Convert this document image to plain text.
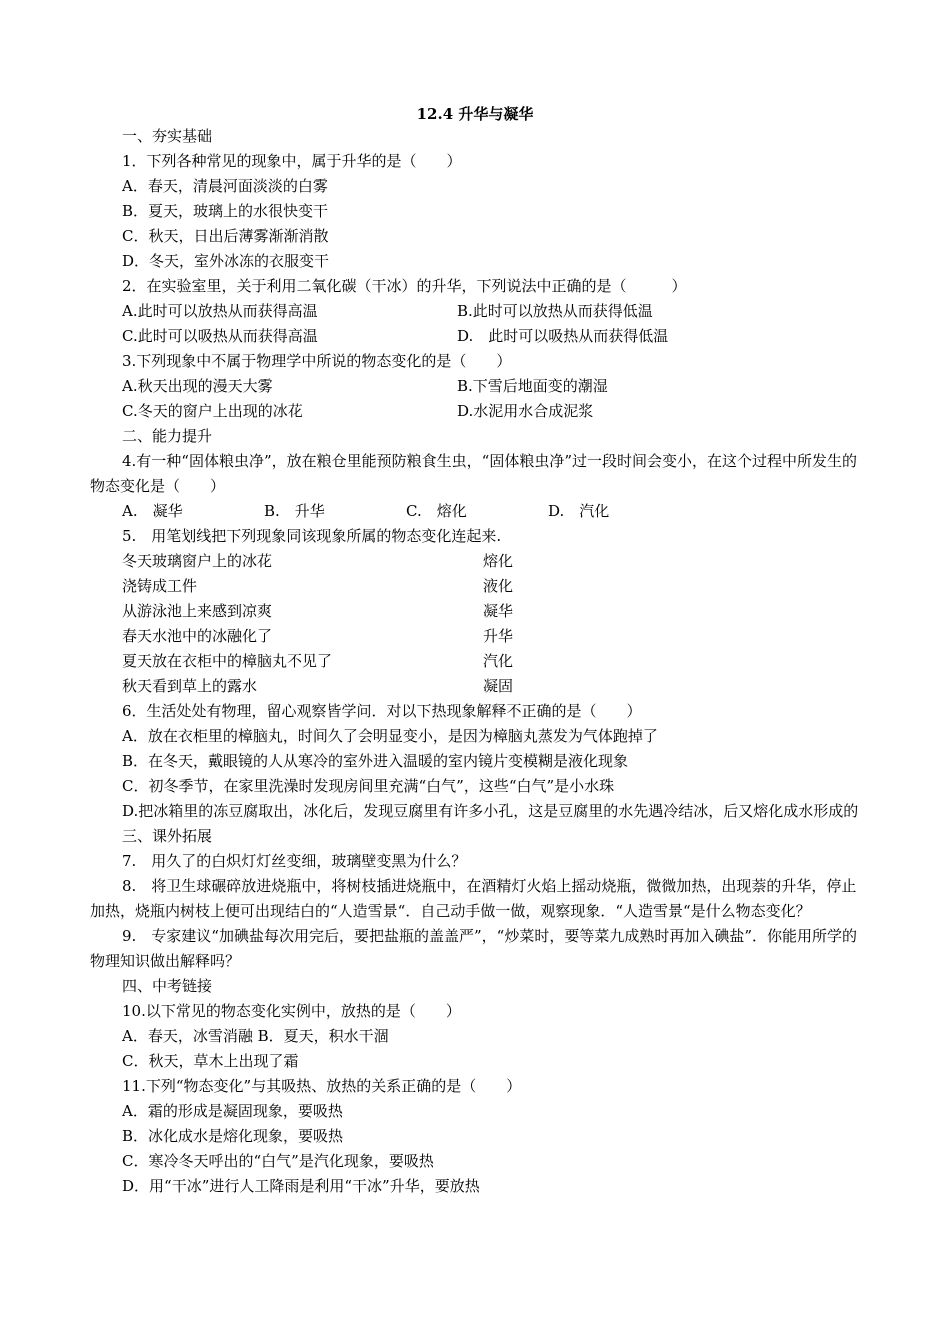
12.4 升华与凝华
一、夯实基础
1．下列各种常见的现象中，属于升华的是（　　）
A．春天，清晨河面淡淡的白雾
B．夏天，玻璃上的水很快变干
C．秋天，日出后薄雾渐渐消散
D．冬天，室外冰冻的衣服变干
2．在实验室里，关于利用二氧化碳（干冰）的升华，下列说法中正确的是（　　　）
A.此时可以放热从而获得高温	B.此时可以放热从而获得低温
C.此时可以吸热从而获得高温	D.　此时可以吸热从而获得低温
3.下列现象中不属于物理学中所说的物态变化的是（　　）
A.秋天出现的漫天大雾	B.下雪后地面变的潮湿
C.冬天的窗户上出现的冰花	D.水泥用水合成泥浆
二、能力提升
4.有一种“固体粮虫净”，放在粮仓里能预防粮食生虫，“固体粮虫净”过一段时间会变小，在这个过程中所发生的物态变化是（　　）
A.　凝华	B.　升华	C.　熔化	D.　汽化
5.　用笔划线把下列现象同该现象所属的物态变化连起来.
冬天玻璃窗户上的冰花	熔化
浇铸成工件	液化
从游泳池上来感到凉爽	凝华
春天水池中的冰融化了	升华
夏天放在衣柜中的樟脑丸不见了	汽化
秋天看到草上的露水	凝固
6．生活处处有物理，留心观察皆学问．对以下热现象解释不正确的是（　　）
A．放在衣柜里的樟脑丸，时间久了会明显变小，是因为樟脑丸蒸发为气体跑掉了
B．在冬天，戴眼镜的人从寒冷的室外进入温暖的室内镜片变模糊是液化现象
C．初冬季节，在家里洗澡时发现房间里充满“白气”，这些“白气”是小水珠
D.把冰箱里的冻豆腐取出，冰化后，发现豆腐里有许多小孔，这是豆腐里的水先遇冷结冰，后又熔化成水形成的
三、课外拓展
7.　用久了的白炽灯灯丝变细，玻璃壁变黑为什么？
8.　将卫生球碾碎放进烧瓶中，将树枝插进烧瓶中，在酒精灯火焰上摇动烧瓶，微微加热，出现萘的升华，停止加热，烧瓶内树枝上便可出现结白的“人造雪景“．自己动手做一做，观察现象．“人造雪景“是什么物态变化？
9.　专家建议“加碘盐每次用完后，要把盐瓶的盖盖严”，“炒菜时，要等菜九成熟时再加入碘盐”．你能用所学的物理知识做出解释吗？
四、中考链接
10.以下常见的物态变化实例中，放热的是（　　）
A．春天，冰雪消融 B．夏天，积水干涸
C．秋天，草木上出现了霜
11.下列“物态变化”与其吸热、放热的关系正确的是（　　）
A．霜的形成是凝固现象，要吸热
B．冰化成水是熔化现象，要吸热
C．寒冷冬天呼出的“白气”是汽化现象，要吸热
D．用“干冰”进行人工降雨是利用“干冰”升华，要放热
